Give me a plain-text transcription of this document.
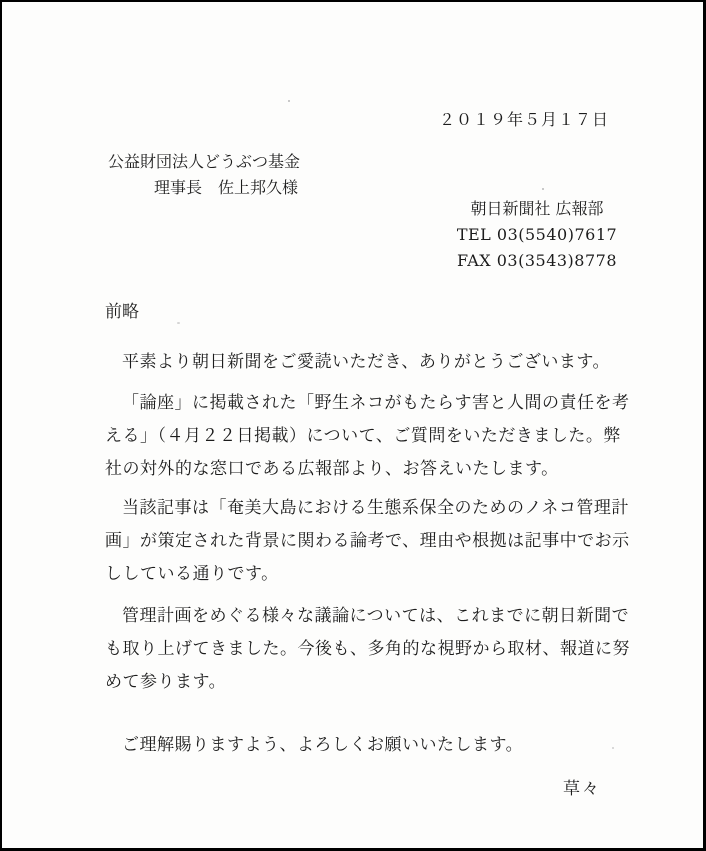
２０１９年５月１７日
公益財団法人どうぶつ基金
理事長　佐上邦久様
朝日新聞社 広報部
TEL 03(5540)7617
FAX 03(3543)8778
前略
平素より朝日新聞をご愛読いただき、ありがとうございます。
「論座」に掲載された「野生ネコがもたらす害と人間の責任を考
える」（４月２２日掲載）について、ご質問をいただきました。弊
社の対外的な窓口である広報部より、お答えいたします。
当該記事は「奄美大島における生態系保全のためのノネコ管理計
画」が策定された背景に関わる論考で、理由や根拠は記事中でお示
ししている通りです。
管理計画をめぐる様々な議論については、これまでに朝日新聞で
も取り上げてきました。今後も、多角的な視野から取材、報道に努
めて参ります。
ご理解賜りますよう、よろしくお願いいたします。
草々
